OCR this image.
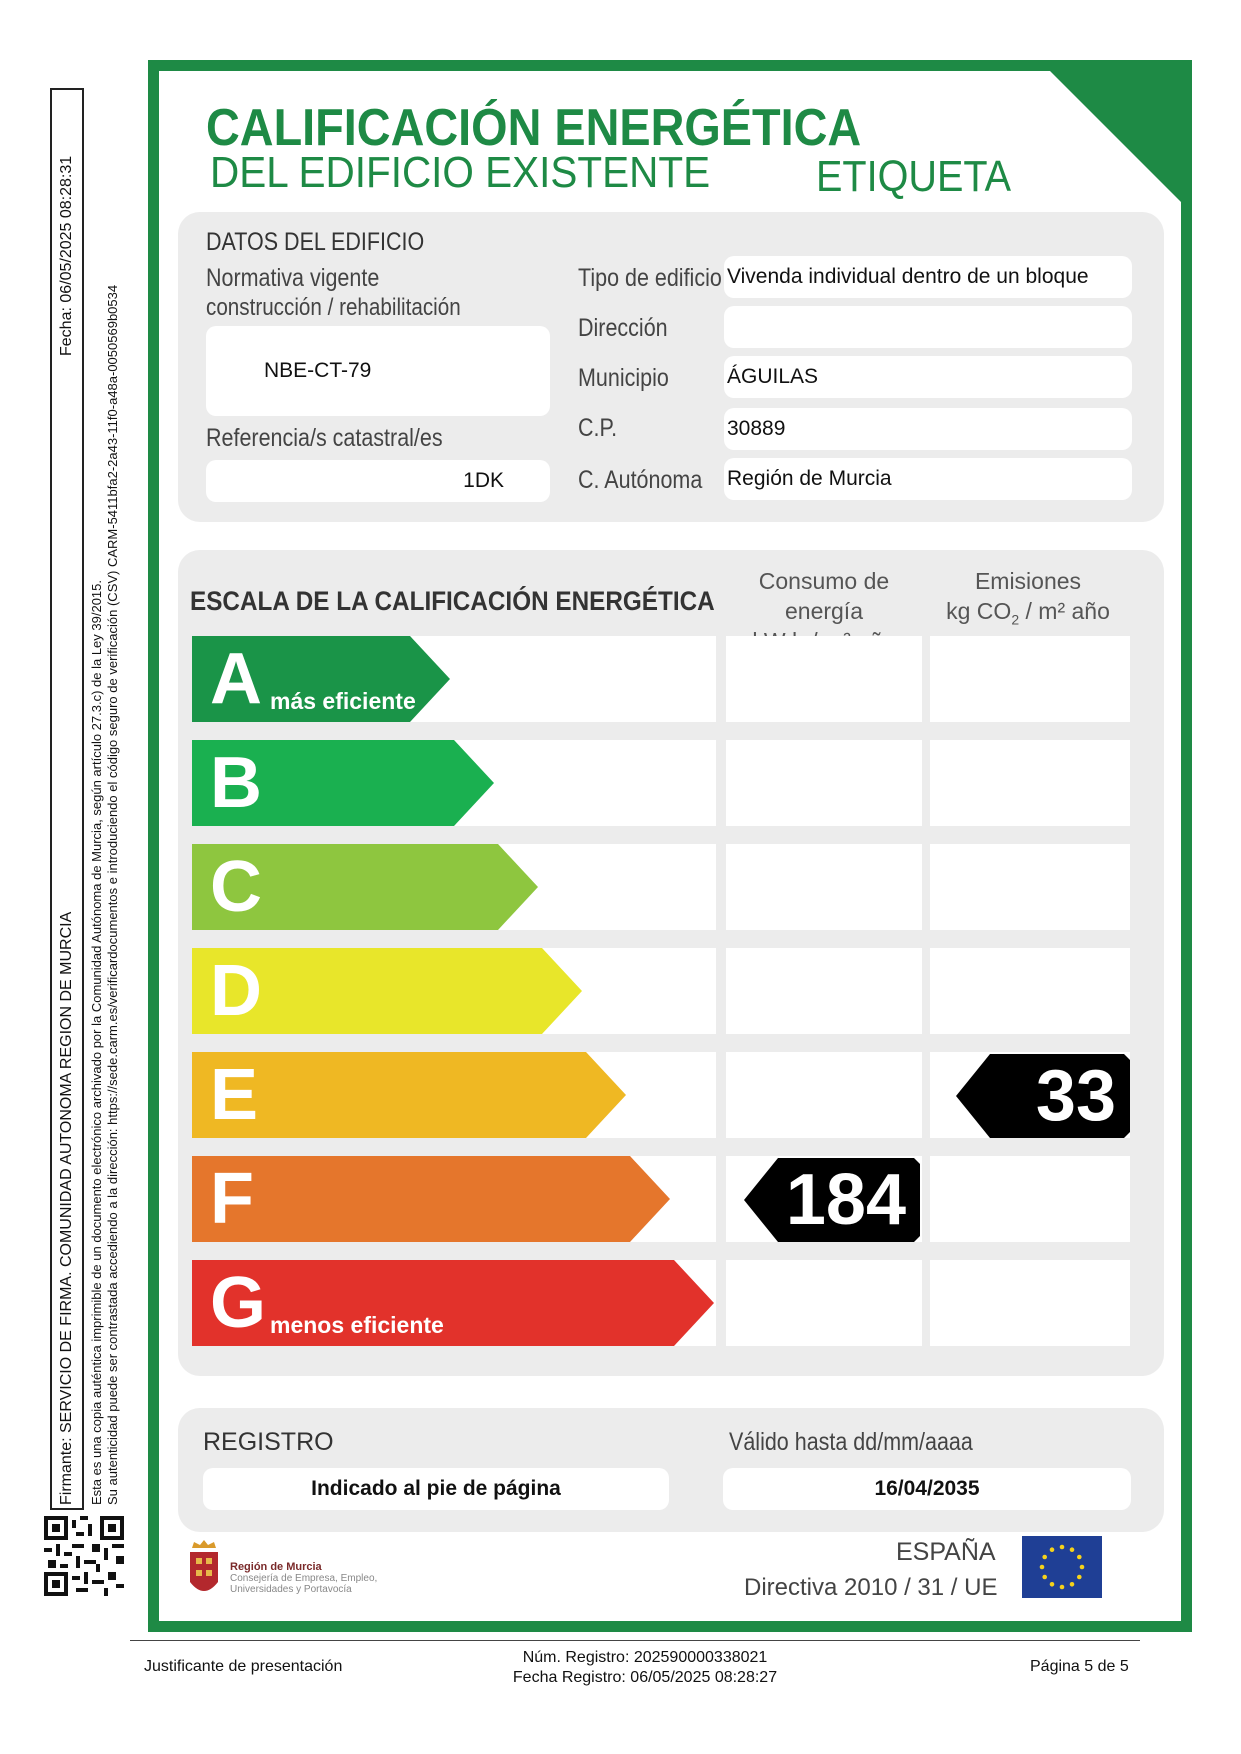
Firmante: SERVICIO DE FIRMA. COMUNIDAD AUTONOMA REGION DE MURCIA
Fecha: 06/05/2025 08:28:31
Esta es una copia auténtica imprimible de un documento electrónico archivado por la Comunidad Autónoma de Murcia, según artículo 27.3.c) de la Ley 39/2015. Su autenticidad puede ser contrastada accediendo a la dirección: https://sede.carm.es/verificardocumentos e introduciendo el código seguro de verificación (CSV) CARM-5411bfa2-2a43-11f0-a48a-0050569b0534
CALIFICACIÓN ENERGÉTICA
DEL EDIFICIO EXISTENTE ETIQUETA
DATOS DEL EDIFICIO
Normativa vigente
construcción / rehabilitación
NBE-CT-79
Referencia/s catastral/es
1DK
Tipo de edificio
Dirección
Municipio
C.P.
C. Autónoma
Vivenda individual dentro de un bloque
ÁGUILAS
30889
Región de Murcia
ESCALA DE LA CALIFICACIÓN ENERGÉTICA
Consumo de energía
Emisiones
kg $CO_2 / m^2$ año
A más eficiente
B
C
D
E
F
G menos eficiente
184
33
REGISTRO
Indicado al pie de página
Válido hasta dd/mm/aaaa
16/04/2035
Región de Murcia
Consejería de Empresa, Empleo,
Universidades y Portavocía
ESPAÑA
Directiva 2010 / 31 / UE
Justificante de presentación
Núm. Registro: 202590000338021
Fecha Registro: 06/05/2025 08:28:27
Página 5 de 5
